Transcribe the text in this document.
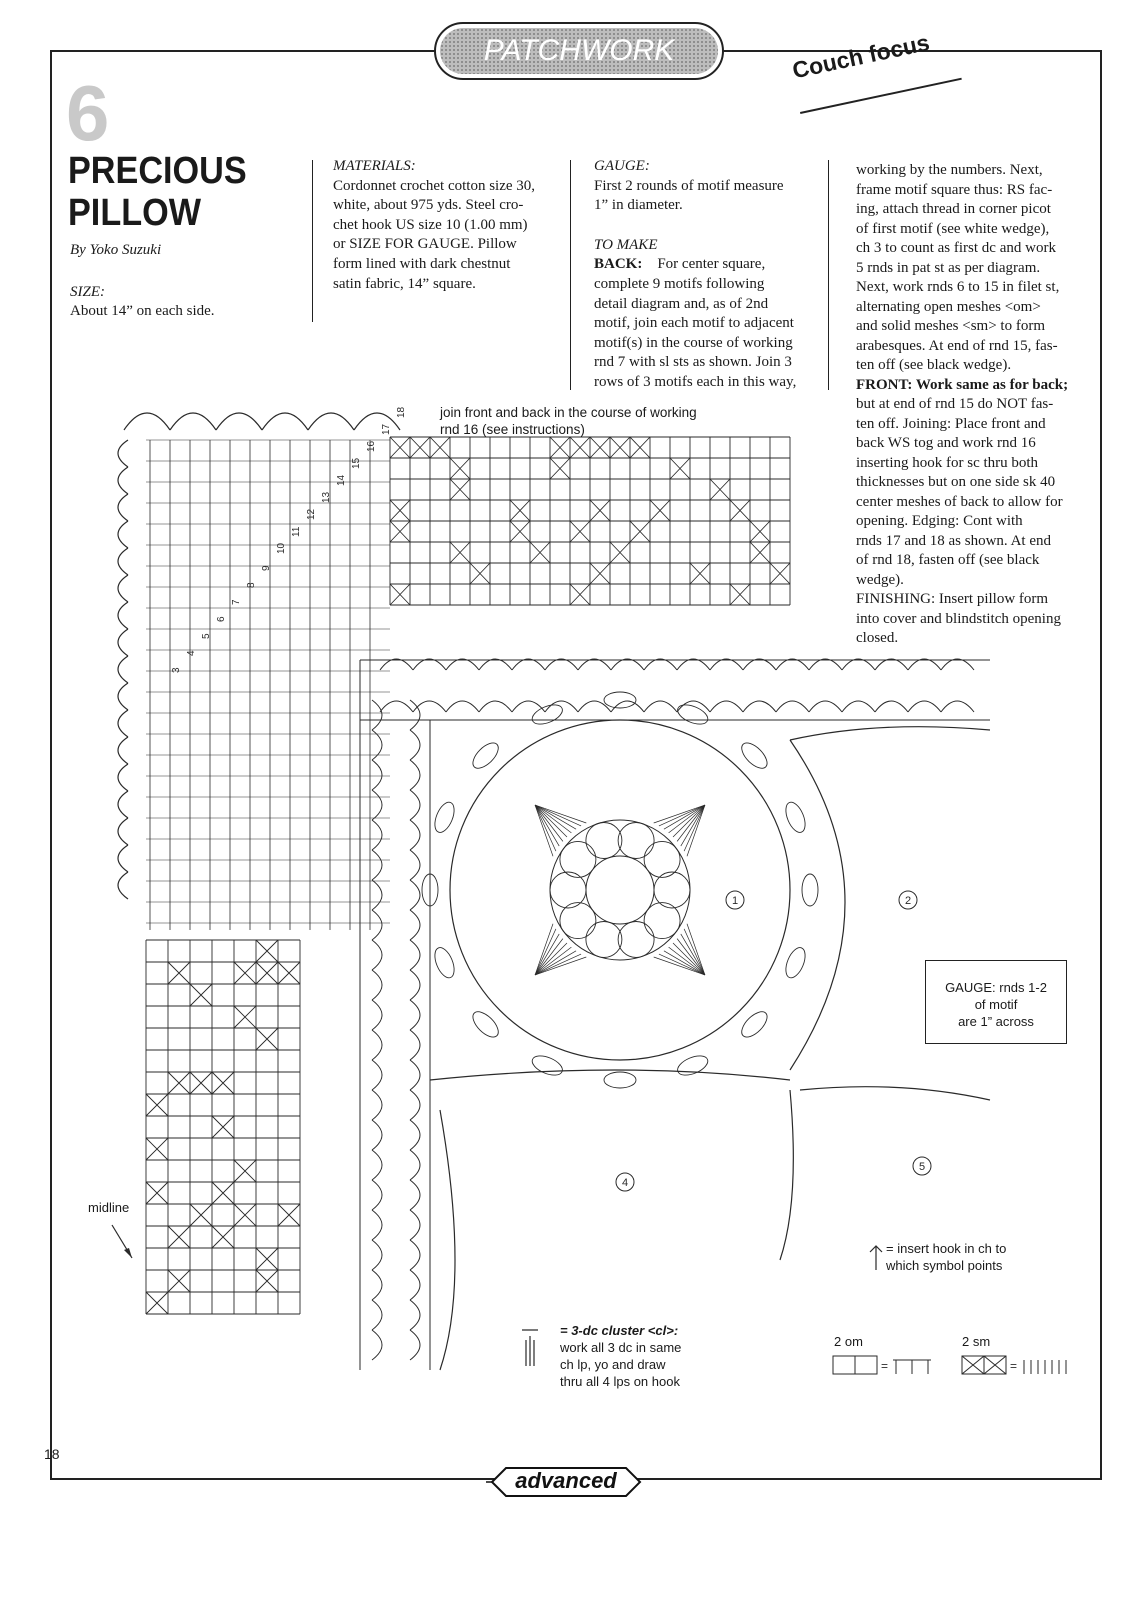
PATCHWORK	Couch focus
6
PRECIOUS
PILLOW
By Yoko Suzuki
SIZE:
About 14” on each side.
MATERIALS:
Cordonnet crochet cotton size 30,
white, about 975 yds. Steel cro-
chet hook US size 10 (1.00 mm)
or SIZE FOR GAUGE. Pillow
form lined with dark chestnut
satin fabric, 14” square.
GAUGE:
First 2 rounds of motif measure
1” in diameter.
TO MAKE
BACK: For center square,
complete 9 motifs following
detail diagram and, as of 2nd
motif, join each motif to adjacent
motif(s) in the course of working
rnd 7 with sl sts as shown. Join 3
rows of 3 motifs each in this way,
working by the numbers. Next,
frame motif square thus: RS fac-
ing, attach thread in corner picot
of first motif (see white wedge),
ch 3 to count as first dc and work
5 rnds in pat st as per diagram.
Next, work rnds 6 to 15 in filet st,
alternating open meshes <om>
and solid meshes <sm> to form
arabesques. At end of rnd 15, fas-
ten off (see black wedge).
FRONT: Work same as for back;
but at end of rnd 15 do NOT fas-
ten off. Joining: Place front and
back WS tog and work rnd 16
inserting hook for sc thru both
thicknesses but on one side sk 40
center meshes of back to allow for
opening. Edging: Cont with
rnds 17 and 18 as shown. At end
of rnd 18, fasten off (see black
wedge).
FINISHING: Insert pillow form
into cover and blindstitch opening
closed.
1	2
4
5
18
17
16
15
14
13
12
11
10
9
8
7
6
5
4
3
=	=
join front and back in the course of working
rnd 16 (see instructions)
GAUGE: rnds 1-2
of motif
are 1” across
midline
= 3-dc cluster <cl>:
work all 3 dc in same
ch lp, yo and draw
thru all 4 lps on hook
= insert hook in ch to
which symbol points
2 om	2 sm
18
advanced
